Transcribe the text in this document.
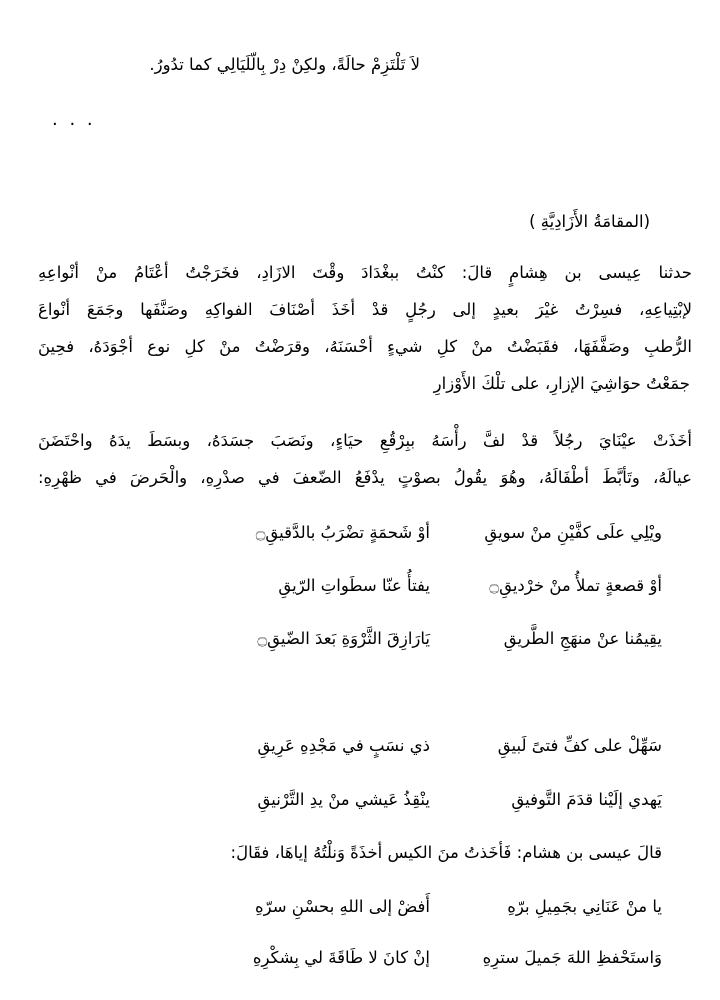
لاَ تَلْتَزِمْ حالَةً، ولكِنْ دِرْ بِالّلَيَالِي كما تدُورُ.

. . .

(المقامَةُ الأَزَادِيَّةِ )

حدثنا عِيسى بن هِشامٍ قالَ: كنْتُ ببغْدَادَ وقْتَ الازَادِ، فخَرَجْتُ أعْتَامُ منْ أنْواعِهِ

لإبْتِياعِهِ، فسِرْتُ غيْرَ بعيدٍ إلى رجُلٍ قدْ أخَذَ أصْنَافَ الفواكِهِ وصَنَّفَها وجَمَعَ أنْواعَ

الرُّطبِ وصَفَّفَهَا، فقَبَضْتُ منْ كلِ شيءٍ أحْسَنَهُ، وقرَضْتُ منْ كلِ نوع أجْوَدَهُ، فحِينَ

جمَعْتُ حوَاشِيَ الإزارِ، على تلْكَ الأَوْزارِ

أخَذَتْ عيْنَايَ رجُلاً قدْ لفَّ رأْسَهُ ببِرْقُعِ حيَاءٍ، ونَصَبَ جسَدَهُ، وبسَطَ يدَهُ واحْتَضَنَ

عيالَهُ، وتَأبَّطَ أطْفَالَهُ، وهُوَ يقُولُ بصوْتٍ يدْفَعُ الضّعفَ في صدْرِهِ، والْحَرضَ في ظهْرِهِ:

ويْلِي علَى كفَّيْنِ منْ سويقِ
أوْ شَحمَةٍ تضْرَبُ بالدَّقيقِ۝
أوْ قصعةٍ تملأُ منْ خرْديقِ۝
يفتأُ عنّا سطَواتِ الرّيقِ
يقِيمُنا عنْ منهَجِ الطَّريقِ
يَارَازِقَ الثَّرْوَةِ بَعدَ الضّيقِ۝
سَهِّلْ على كفِّ فتىً لَبيقِ
ذي نسَبٍ في مَجْدِهِ عَرِيقِ
يَهدي إلَيْنا قدَمَ التَّوفيقِ
ينْقِذُ عَيشي منْ يدِ التَّرْنيقِ

قالَ عيسى بن هشام: فَأخَذتُ منَ الكيس أخذَةً وَنلْتُهُ إياهَا، فقَالَ:

يا منْ عَنَانِي بجَمِيلِ برّهِ
أَفضْ إلى اللهِ بحسْنِ سرّهِ
وَاستَحْفظِ اللهَ جَميلَ سترِهِ
إنْ كانَ لا طَاقَةَ لي بِشكْرِهِ
